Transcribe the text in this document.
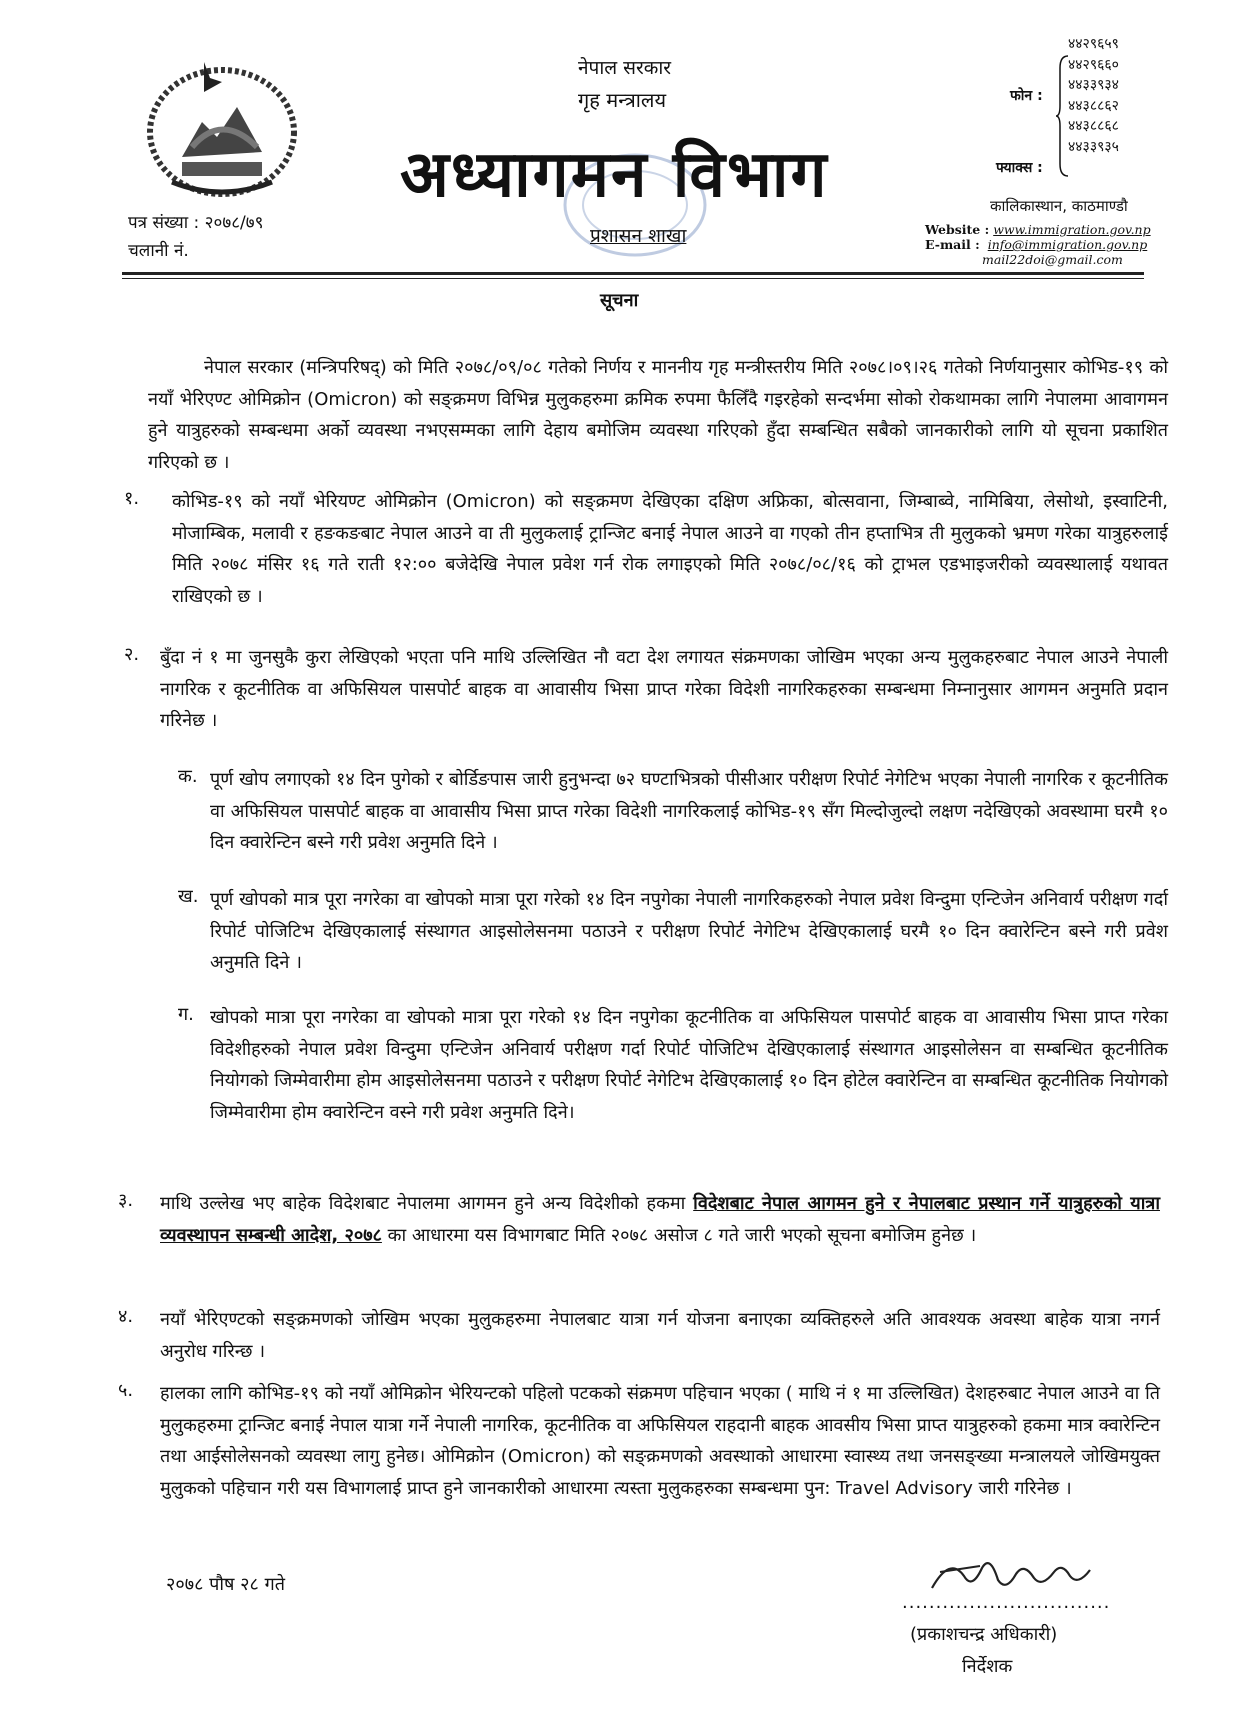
नेपाल सरकार
गृह मन्त्रालय
अध्यागमन विभाग
प्रशासन शाखा
पत्र संख्या : २०७८/७९
चलानी नं.
फोन :
फ्याक्स :
४४२९६५९
४४२९६६०
४४३३९३४
४४३८८६२
४४३८८६८
४४३३९३५
कालिकास्थान, काठमाण्डौ
Website : www.immigration.gov.np
E-mail : info@immigration.gov.np
mail22doi@gmail.com
सूचना
नेपाल सरकार (मन्त्रिपरिषद्) को मिति २०७८/०९/०८ गतेको निर्णय र माननीय गृह मन्त्रीस्तरीय मिति २०७८।०९।२६ गतेको निर्णयानुसार कोभिड-१९ को नयाँ भेरिएण्ट ओमिक्रोन (Omicron) को सङ्क्रमण विभिन्न मुलुकहरुमा क्रमिक रुपमा फैलिँदै गइरहेको सन्दर्भमा सोको रोकथामका लागि नेपालमा आवागमन हुने यात्रुहरुको सम्बन्धमा अर्को व्यवस्था नभएसम्मका लागि देहाय बमोजिम व्यवस्था गरिएको हुँदा सम्बन्धित सबैको जानकारीको लागि यो सूचना प्रकाशित गरिएको छ ।
१. कोभिड-१९ को नयाँ भेरियण्ट ओमिक्रोन (Omicron) को सङ्क्रमण देखिएका दक्षिण अफ्रिका, बोत्सवाना, जिम्बाब्वे, नामिबिया, लेसोथो, इस्वाटिनी, मोजाम्बिक, मलावी र हङकङबाट नेपाल आउने वा ती मुलुकलाई ट्रान्जिट बनाई नेपाल आउने वा गएको तीन हप्ताभित्र ती मुलुकको भ्रमण गरेका यात्रुहरुलाई मिति २०७८ मंसिर १६ गते राती १२:०० बजेदेखि नेपाल प्रवेश गर्न रोक लगाइएको मिति २०७८/०८/१६ को ट्राभल एडभाइजरीको व्यवस्थालाई यथावत राखिएको छ ।
२. बुँदा नं १ मा जुनसुकै कुरा लेखिएको भएता पनि माथि उल्लिखित नौ वटा देश लगायत संक्रमणका जोखिम भएका अन्य मुलुकहरुबाट नेपाल आउने नेपाली नागरिक र कूटनीतिक वा अफिसियल पासपोर्ट बाहक वा आवासीय भिसा प्राप्त गरेका विदेशी नागरिकहरुका सम्बन्धमा निम्नानुसार आगमन अनुमति प्रदान गरिनेछ ।
क. पूर्ण खोप लगाएको १४ दिन पुगेको र बोर्डिङपास जारी हुनुभन्दा ७२ घण्टाभित्रको पीसीआर परीक्षण रिपोर्ट नेगेटिभ भएका नेपाली नागरिक र कूटनीतिक वा अफिसियल पासपोर्ट बाहक वा आवासीय भिसा प्राप्त गरेका विदेशी नागरिकलाई कोभिड-१९ सँग मिल्दोजुल्दो लक्षण नदेखिएको अवस्थामा घरमै १० दिन क्वारेन्टिन बस्ने गरी प्रवेश अनुमति दिने ।
ख. पूर्ण खोपको मात्र पूरा नगरेका वा खोपको मात्रा पूरा गरेको १४ दिन नपुगेका नेपाली नागरिकहरुको नेपाल प्रवेश विन्दुमा एन्टिजेन अनिवार्य परीक्षण गर्दा रिपोर्ट पोजिटिभ देखिएकालाई संस्थागत आइसोलेसनमा पठाउने र परीक्षण रिपोर्ट नेगेटिभ देखिएकालाई घरमै १० दिन क्वारेन्टिन बस्ने गरी प्रवेश अनुमति दिने ।
ग. खोपको मात्रा पूरा नगरेका वा खोपको मात्रा पूरा गरेको १४ दिन नपुगेका कूटनीतिक वा अफिसियल पासपोर्ट बाहक वा आवासीय भिसा प्राप्त गरेका विदेशीहरुको नेपाल प्रवेश विन्दुमा एन्टिजेन अनिवार्य परीक्षण गर्दा रिपोर्ट पोजिटिभ देखिएकालाई संस्थागत आइसोलेसन वा सम्बन्धित कूटनीतिक नियोगको जिम्मेवारीमा होम आइसोलेसनमा पठाउने र परीक्षण रिपोर्ट नेगेटिभ देखिएकालाई १० दिन होटेल क्वारेन्टिन वा सम्बन्धित कूटनीतिक नियोगको जिम्मेवारीमा होम क्वारेन्टिन वस्ने गरी प्रवेश अनुमति दिने।
३. माथि उल्लेख भए बाहेक विदेशबाट नेपालमा आगमन हुने अन्य विदेशीको हकमा विदेशबाट नेपाल आगमन हुने र नेपालबाट प्रस्थान गर्ने यात्रुहरुको यात्रा व्यवस्थापन सम्बन्धी आदेश, २०७८ का आधारमा यस विभागबाट मिति २०७८ असोज ८ गते जारी भएको सूचना बमोजिम हुनेछ ।
४. नयाँ भेरिएण्टको सङ्क्रमणको जोखिम भएका मुलुकहरुमा नेपालबाट यात्रा गर्न योजना बनाएका व्यक्तिहरुले अति आवश्यक अवस्था बाहेक यात्रा नगर्न अनुरोध गरिन्छ ।
५. हालका लागि कोभिड-१९ को नयाँ ओमिक्रोन भेरियन्टको पहिलो पटकको संक्रमण पहिचान भएका ( माथि नं १ मा उल्लिखित) देशहरुबाट नेपाल आउने वा ति मुलुकहरुमा ट्रान्जिट बनाई नेपाल यात्रा गर्ने नेपाली नागरिक, कूटनीतिक वा अफिसियल राहदानी बाहक आवसीय भिसा प्राप्त यात्रुहरुको हकमा मात्र क्वारेन्टिन तथा आईसोलेसनको व्यवस्था लागु हुनेछ। ओमिक्रोन (Omicron) को सङ्क्रमणको अवस्थाको आधारमा स्वास्थ्य तथा जनसङ्ख्या मन्त्रालयले जोखिमयुक्त मुलुकको पहिचान गरी यस विभागलाई प्राप्त हुने जानकारीको आधारमा त्यस्ता मुलुकहरुका सम्बन्धमा पुन: Travel Advisory जारी गरिनेछ ।
२०७८ पौष २८ गते
...............................
(प्रकाशचन्द्र अधिकारी)
निर्देशक
